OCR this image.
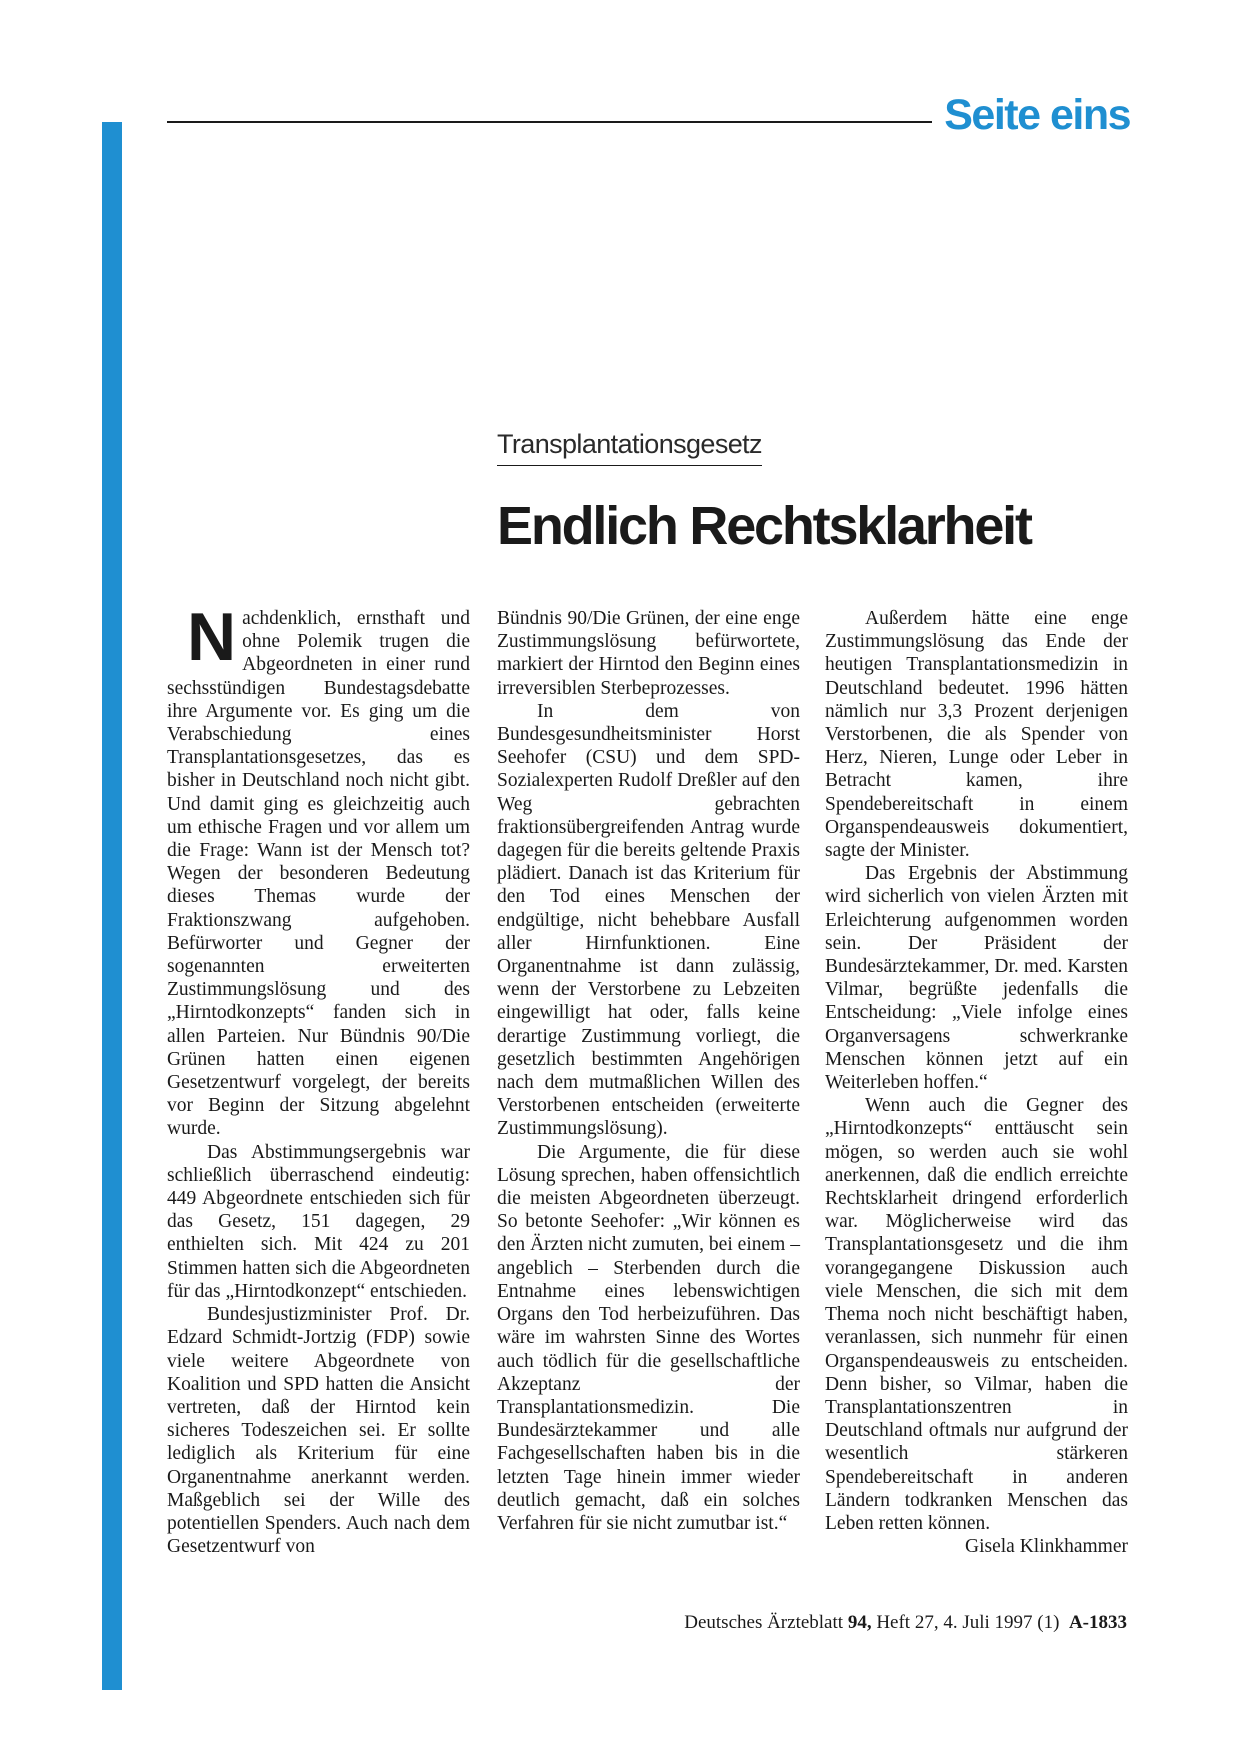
Seite eins
Transplantationsgesetz
Endlich Rechtsklarheit

Nachdenklich, ernsthaft und ohne Polemik trugen die Abgeordneten in einer rund sechsstündigen Bundestagsdebatte ihre Argumente vor. Es ging um die Verabschiedung eines Transplantationsgesetzes, das es bisher in Deutschland noch nicht gibt. Und damit ging es gleichzeitig auch um ethische Fragen und vor allem um die Frage: Wann ist der Mensch tot? Wegen der besonderen Bedeutung dieses Themas wurde der Fraktionszwang aufgehoben. Befürworter und Gegner der sogenannten erweiterten Zustimmungslösung und des „Hirntodkonzepts“ fanden sich in allen Parteien. Nur Bündnis 90/Die Grünen hatten einen eigenen Gesetzentwurf vorgelegt, der bereits vor Beginn der Sitzung abgelehnt wurde.

Das Abstimmungsergebnis war schließlich überraschend eindeutig: 449 Abgeordnete entschieden sich für das Gesetz, 151 dagegen, 29 enthielten sich. Mit 424 zu 201 Stimmen hatten sich die Abgeordneten für das „Hirntodkonzept“ entschieden.

Bundesjustizminister Prof. Dr. Edzard Schmidt-Jortzig (FDP) sowie viele weitere Abgeordnete von Koalition und SPD hatten die Ansicht vertreten, daß der Hirntod kein sicheres Todeszeichen sei. Er sollte lediglich als Kriterium für eine Organentnahme anerkannt werden. Maßgeblich sei der Wille des potentiellen Spenders. Auch nach dem Gesetzentwurf von

Bündnis 90/Die Grünen, der eine enge Zustimmungslösung befürwortete, markiert der Hirntod den Beginn eines irreversiblen Sterbeprozesses.

In dem von Bundesgesundheitsminister Horst Seehofer (CSU) und dem SPD-Sozialexperten Rudolf Dreßler auf den Weg gebrachten fraktionsübergreifenden Antrag wurde dagegen für die bereits geltende Praxis plädiert. Danach ist das Kriterium für den Tod eines Menschen der endgültige, nicht behebbare Ausfall aller Hirnfunktionen. Eine Organentnahme ist dann zulässig, wenn der Verstorbene zu Lebzeiten eingewilligt hat oder, falls keine derartige Zustimmung vorliegt, die gesetzlich bestimmten Angehörigen nach dem mutmaßlichen Willen des Verstorbenen entscheiden (erweiterte Zustimmungslösung).

Die Argumente, die für diese Lösung sprechen, haben offensichtlich die meisten Abgeordneten überzeugt. So betonte Seehofer: „Wir können es den Ärzten nicht zumuten, bei einem – angeblich – Sterbenden durch die Entnahme eines lebenswichtigen Organs den Tod herbeizuführen. Das wäre im wahrsten Sinne des Wortes auch tödlich für die gesellschaftliche Akzeptanz der Transplantationsmedizin. Die Bundesärztekammer und alle Fachgesellschaften haben bis in die letzten Tage hinein immer wieder deutlich gemacht, daß ein solches Verfahren für sie nicht zumutbar ist.“

Außerdem hätte eine enge Zustimmungslösung das Ende der heutigen Transplantationsmedizin in Deutschland bedeutet. 1996 hätten nämlich nur 3,3 Prozent derjenigen Verstorbenen, die als Spender von Herz, Nieren, Lunge oder Leber in Betracht kamen, ihre Spendebereitschaft in einem Organspendeausweis dokumentiert, sagte der Minister.

Das Ergebnis der Abstimmung wird sicherlich von vielen Ärzten mit Erleichterung aufgenommen worden sein. Der Präsident der Bundesärztekammer, Dr. med. Karsten Vilmar, begrüßte jedenfalls die Entscheidung: „Viele infolge eines Organversagens schwerkranke Menschen können jetzt auf ein Weiterleben hoffen.“

Wenn auch die Gegner des „Hirntodkonzepts“ enttäuscht sein mögen, so werden auch sie wohl anerkennen, daß die endlich erreichte Rechtsklarheit dringend erforderlich war. Möglicherweise wird das Transplantationsgesetz und die ihm vorangegangene Diskussion auch viele Menschen, die sich mit dem Thema noch nicht beschäftigt haben, veranlassen, sich nunmehr für einen Organspendeausweis zu entscheiden. Denn bisher, so Vilmar, haben die Transplantationszentren in Deutschland oftmals nur aufgrund der wesentlich stärkeren Spendebereitschaft in anderen Ländern todkranken Menschen das Leben retten können.
Gisela Klinkhammer

Deutsches Ärzteblatt 94, Heft 27, 4. Juli 1997 (1) A-1833
